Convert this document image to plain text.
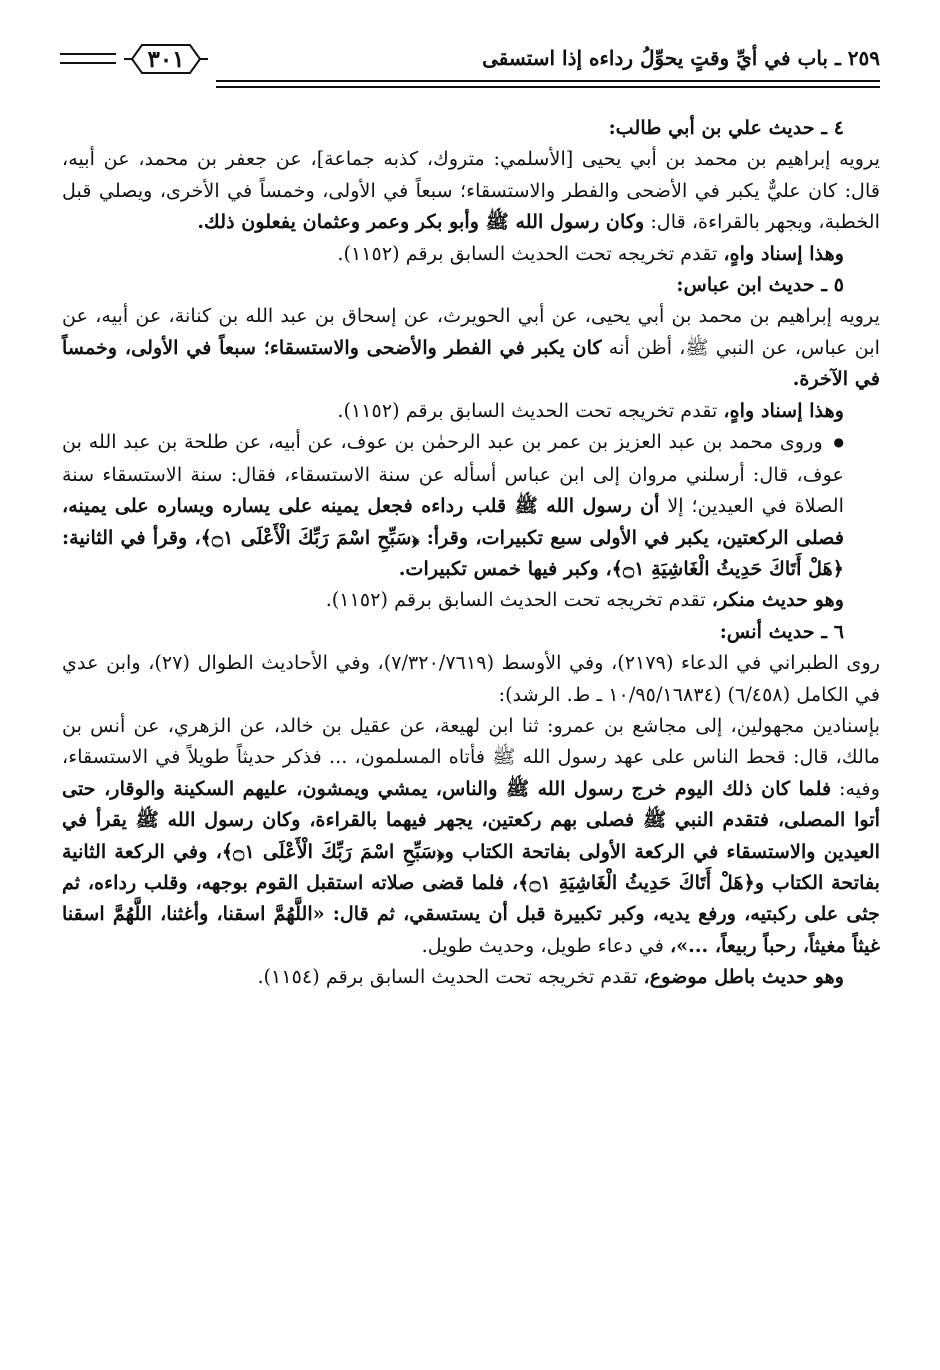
٢٥٩ ـ باب في أيِّ وقتٍ يحوِّلُ رداءه إذا استسقى
٣٠١

٤ ـ حديث علي بن أبي طالب:

يرويه إبراهيم بن محمد بن أبي يحيى [الأسلمي: متروك، كذبه جماعة]، عن جعفر بن محمد، عن أبيه، قال: كان عليٌّ يكبر في الأضحى والفطر والاستسقاء؛ سبعاً في الأولى، وخمساً في الأخرى، ويصلي قبل الخطبة، ويجهر بالقراءة، قال: وكان رسول الله ﷺ وأبو بكر وعمر وعثمان يفعلون ذلك.

وهذا إسناد واهٍ، تقدم تخريجه تحت الحديث السابق برقم (١١٥٢).

٥ ـ حديث ابن عباس:

يرويه إبراهيم بن محمد بن أبي يحيى، عن أبي الحويرث، عن إسحاق بن عبد الله بن كنانة، عن أبيه، عن ابن عباس، عن النبي ﷺ، أظن أنه كان يكبر في الفطر والأضحى والاستسقاء؛ سبعاً في الأولى، وخمساً في الآخرة.

وهذا إسناد واهٍ، تقدم تخريجه تحت الحديث السابق برقم (١١٥٢).

● وروى محمد بن عبد العزيز بن عمر بن عبد الرحمٰن بن عوف، عن أبيه، عن طلحة بن عبد الله بن عوف، قال: أرسلني مروان إلى ابن عباس أسأله عن سنة الاستسقاء، فقال: سنة الاستسقاء سنة الصلاة في العيدين؛ إلا أن رسول الله ﷺ قلب رداءه فجعل يمينه على يساره ويساره على يمينه، فصلى الركعتين، يكبر في الأولى سبع تكبيرات، وقرأ: ﴿سَبِّحِ اسْمَ رَبِّكَ الْأَعْلَى ۝١﴾، وقرأ في الثانية: ﴿هَلْ أَتَاكَ حَدِيثُ الْغَاشِيَةِ ۝١﴾، وكبر فيها خمس تكبيرات.

وهو حديث منكر، تقدم تخريجه تحت الحديث السابق برقم (١١٥٢).

٦ ـ حديث أنس:

روى الطبراني في الدعاء (٢١٧٩)، وفي الأوسط (٧/٣٢٠/٧٦١٩)، وفي الأحاديث الطوال (٢٧)، وابن عدي في الكامل (٦/٤٥٨) (١٠/٩٥/١٦٨٣٤ ـ ط. الرشد):

بإسنادين مجهولين، إلى مجاشع بن عمرو: ثنا ابن لهيعة، عن عقيل بن خالد، عن الزهري، عن أنس بن مالك، قال: قحط الناس على عهد رسول الله ﷺ فأتاه المسلمون، ... فذكر حديثاً طويلاً في الاستسقاء، وفيه: فلما كان ذلك اليوم خرج رسول الله ﷺ والناس، يمشي ويمشون، عليهم السكينة والوقار، حتى أتوا المصلى، فتقدم النبي ﷺ فصلى بهم ركعتين، يجهر فيهما بالقراءة، وكان رسول الله ﷺ يقرأ في العيدين والاستسقاء في الركعة الأولى بفاتحة الكتاب و﴿سَبِّحِ اسْمَ رَبِّكَ الْأَعْلَى ۝١﴾، وفي الركعة الثانية بفاتحة الكتاب و﴿هَلْ أَتَاكَ حَدِيثُ الْغَاشِيَةِ ۝١﴾، فلما قضى صلاته استقبل القوم بوجهه، وقلب رداءه، ثم جثى على ركبتيه، ورفع يديه، وكبر تكبيرة قبل أن يستسقي، ثم قال: «اللَّهُمَّ اسقنا، وأغثنا، اللَّهُمَّ اسقنا غيثاً مغيثاً، رحباً ربيعاً، ...»، في دعاء طويل، وحديث طويل.

وهو حديث باطل موضوع، تقدم تخريجه تحت الحديث السابق برقم (١١٥٤).
